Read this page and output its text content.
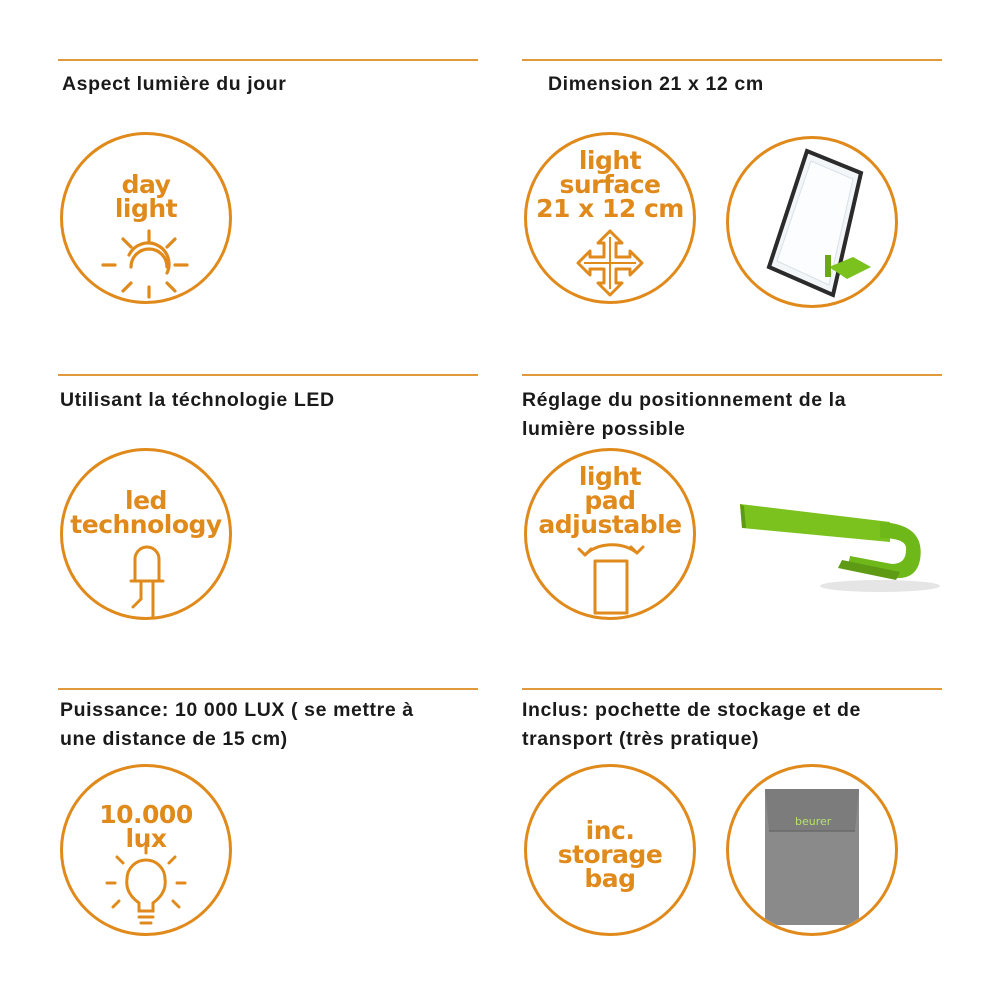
Aspect lumière du jour

day
light

Dimension 21 x 12 cm

light
surface
21 x 12 cm

Utilisant la téchnologie LED

led
technology

Réglage du positionnement de la
lumière possible

light
pad
adjustable

Puissance: 10 000 LUX ( se mettre à
une distance de 15 cm)

10.000
lux

Inclus: pochette de stockage et de
transport (très pratique)

inc.
storage
bag
beurer
